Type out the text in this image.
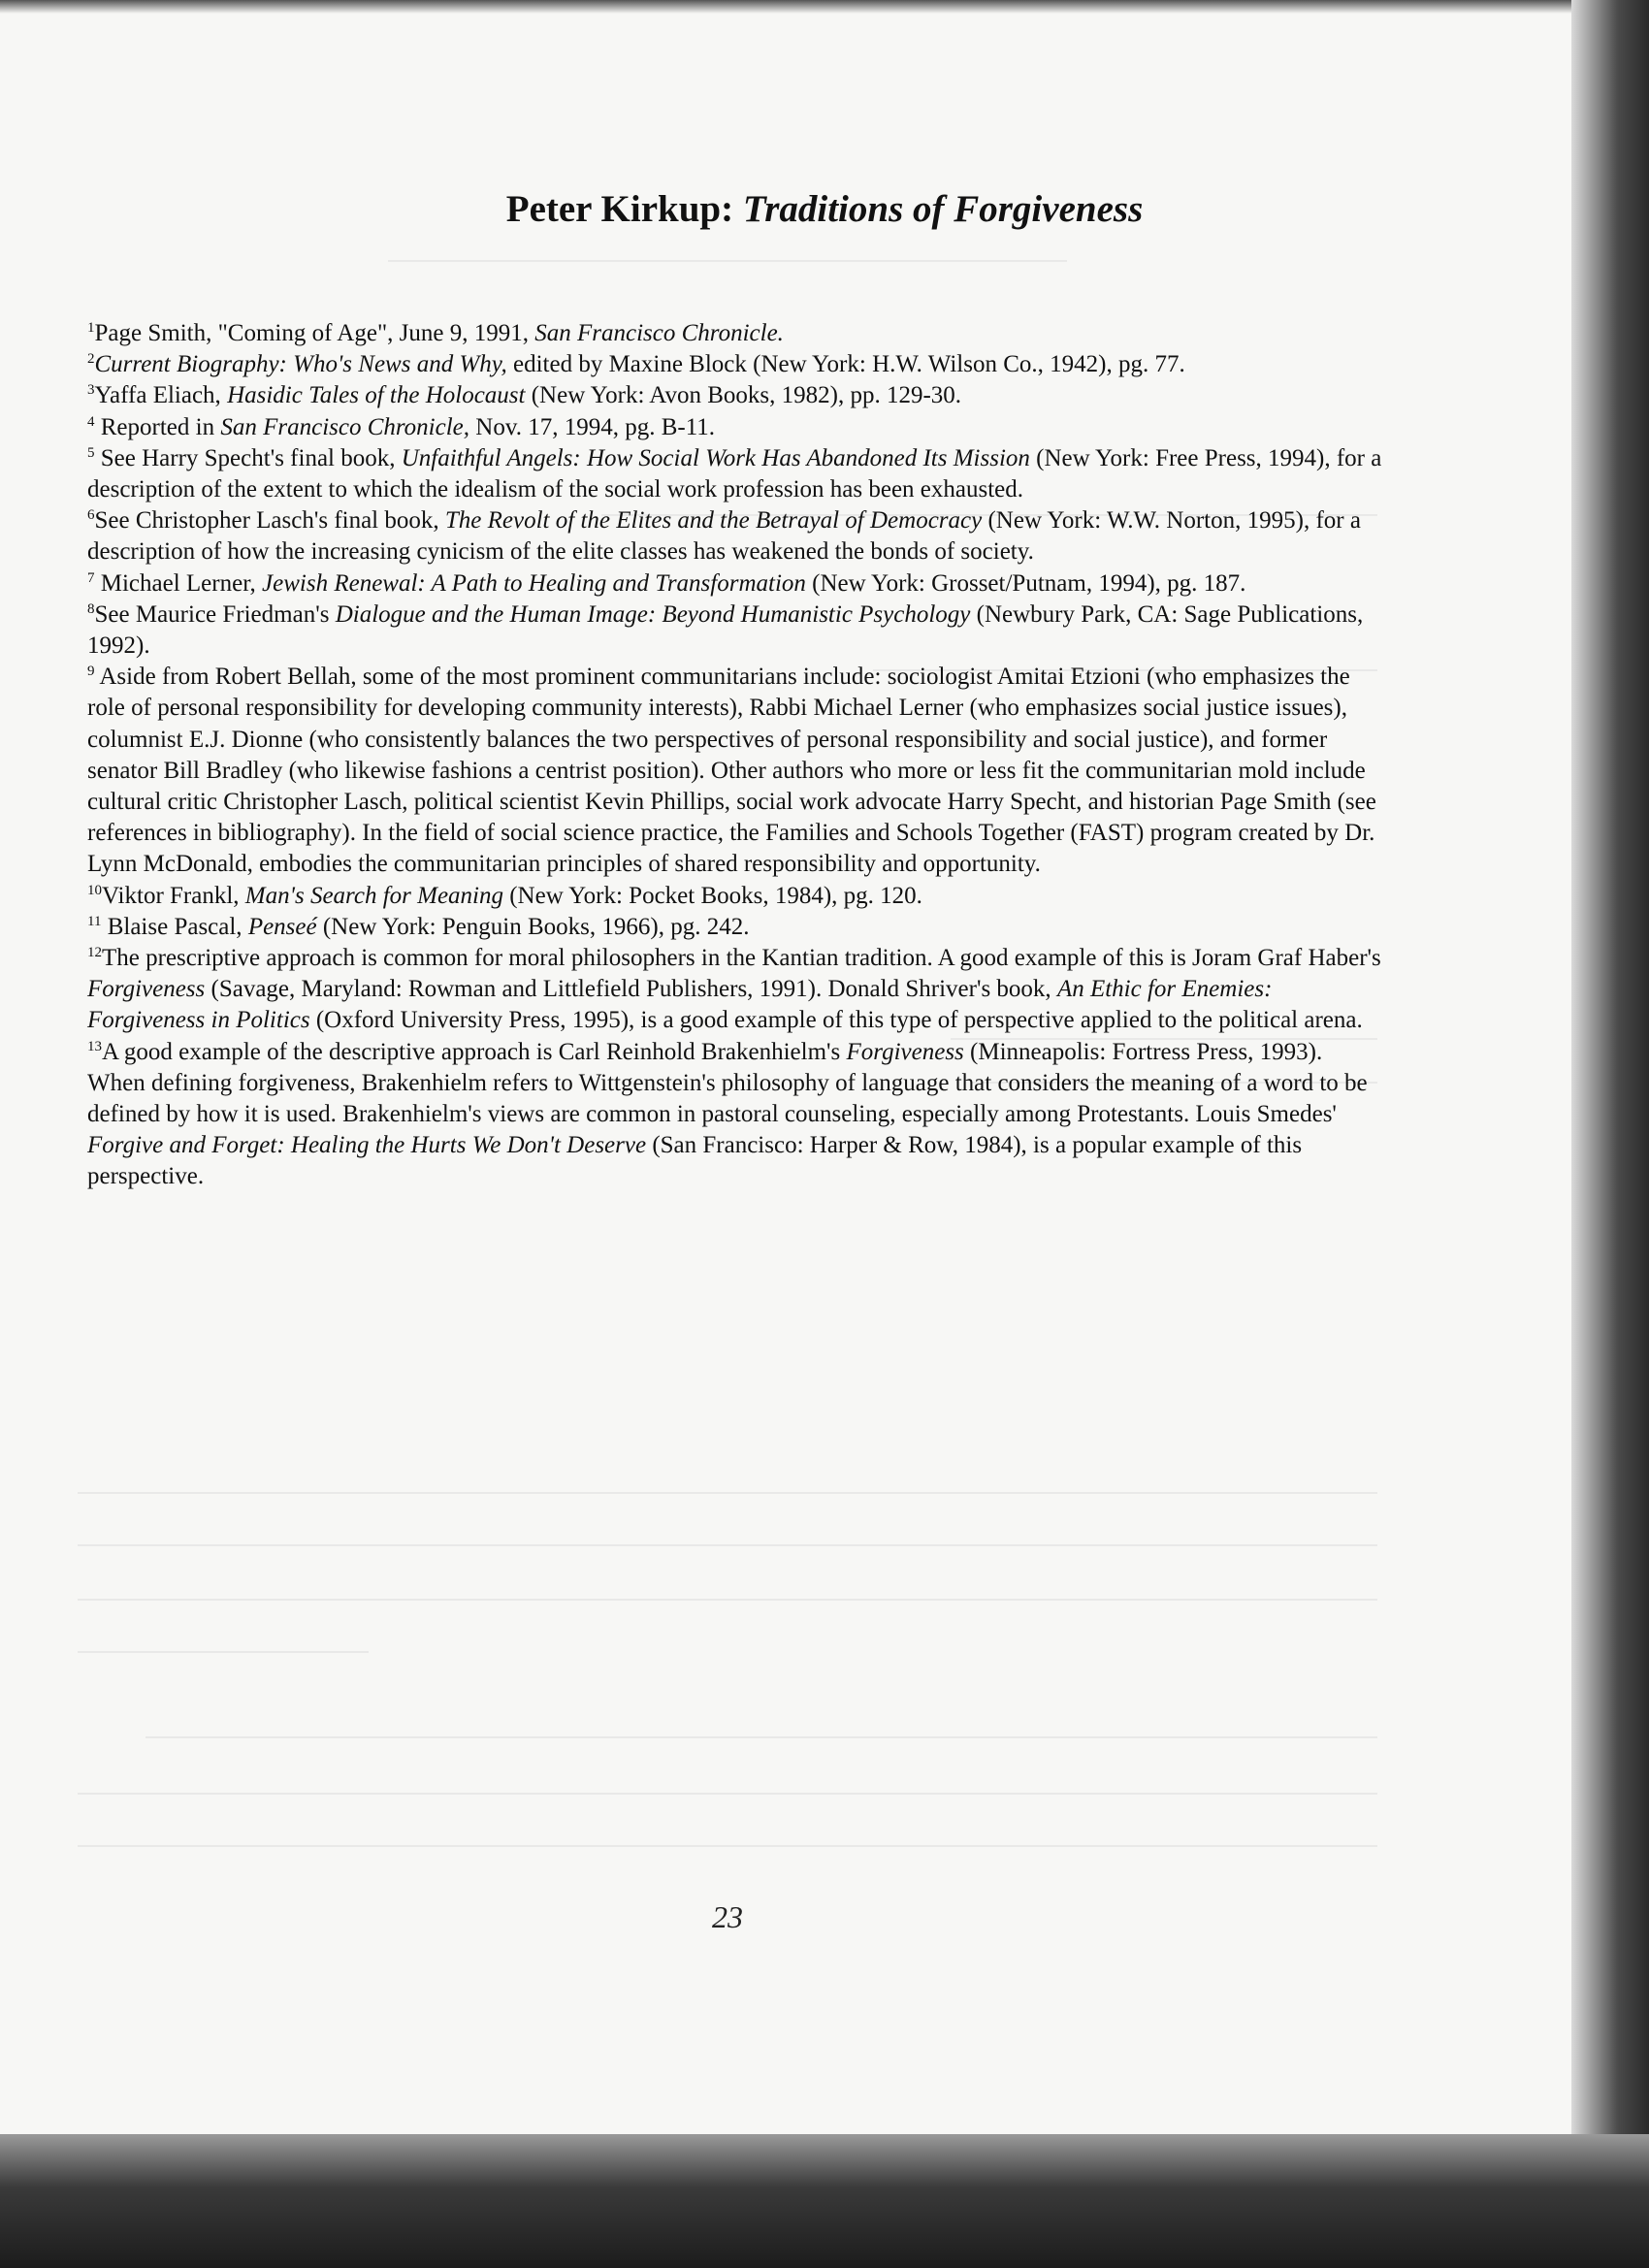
Peter Kirkup: Traditions of Forgiveness

$^1$Page Smith, "Coming of Age", June 9, 1991, San Francisco Chronicle.

$^2$Current Biography: Who's News and Why, edited by Maxine Block (New York: H.W. Wilson Co., 1942), pg. 77.

$^3$Yaffa Eliach, Hasidic Tales of the Holocaust (New York: Avon Books, 1982), pp. 129-30.

$^4$ Reported in San Francisco Chronicle, Nov. 17, 1994, pg. B-11.

$^5$ See Harry Specht's final book, Unfaithful Angels: How Social Work Has Abandoned Its Mission (New York: Free Press, 1994), for a description of the extent to which the idealism of the social work profession has been exhausted.

$^6$See Christopher Lasch's final book, The Revolt of the Elites and the Betrayal of Democracy (New York: W.W. Norton, 1995), for a description of how the increasing cynicism of the elite classes has weakened the bonds of society.

$^7$ Michael Lerner, Jewish Renewal: A Path to Healing and Transformation (New York: Grosset/Putnam, 1994), pg. 187.

$^8$See Maurice Friedman's Dialogue and the Human Image: Beyond Humanistic Psychology (Newbury Park, CA: Sage Publications, 1992).

$^9$ Aside from Robert Bellah, some of the most prominent communitarians include: sociologist Amitai Etzioni (who emphasizes the role of personal responsibility for developing community interests), Rabbi Michael Lerner (who emphasizes social justice issues), columnist E.J. Dionne (who consistently balances the two perspectives of personal responsibility and social justice), and former senator Bill Bradley (who likewise fashions a centrist position). Other authors who more or less fit the communitarian mold include cultural critic Christopher Lasch, political scientist Kevin Phillips, social work advocate Harry Specht, and historian Page Smith (see references in bibliography). In the field of social science practice, the Families and Schools Together (FAST) program created by Dr. Lynn McDonald, embodies the communitarian principles of shared responsibility and opportunity.

$^{10}$Viktor Frankl, Man's Search for Meaning (New York: Pocket Books, 1984), pg. 120.

$^{11}$ Blaise Pascal, Penseé (New York: Penguin Books, 1966), pg. 242.

$^{12}$The prescriptive approach is common for moral philosophers in the Kantian tradition. A good example of this is Joram Graf Haber's Forgiveness (Savage, Maryland: Rowman and Littlefield Publishers, 1991). Donald Shriver's book, An Ethic for Enemies: Forgiveness in Politics (Oxford University Press, 1995), is a good example of this type of perspective applied to the political arena.

$^{13}$A good example of the descriptive approach is Carl Reinhold Brakenhielm's Forgiveness (Minneapolis: Fortress Press, 1993). When defining forgiveness, Brakenhielm refers to Wittgenstein's philosophy of language that considers the meaning of a word to be defined by how it is used. Brakenhielm's views are common in pastoral counseling, especially among Protestants. Louis Smedes' Forgive and Forget: Healing the Hurts We Don't Deserve (San Francisco: Harper & Row, 1984), is a popular example of this perspective.

23
